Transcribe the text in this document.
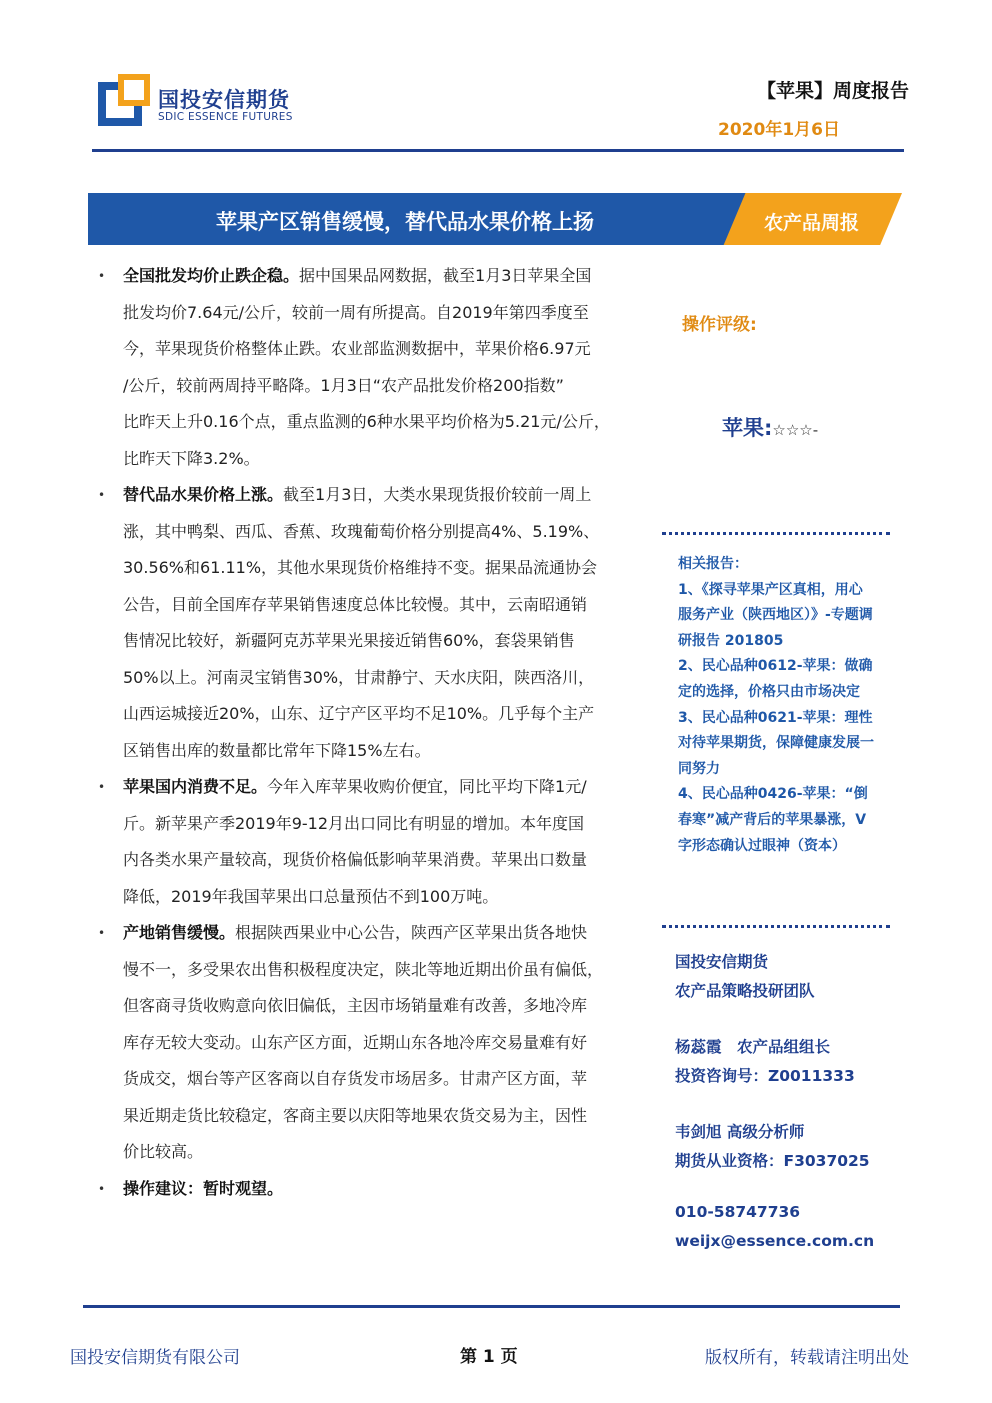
国投安信期货
SDIC ESSENCE FUTURES
【苹果】周度报告
2020年1月6日
苹果产区销售缓慢，替代品水果价格上扬	农产品周报
• 全国批发均价止跌企稳。据中国果品网数据，截至1月3日苹果全国
批发均价7.64元/公斤，较前一周有所提高。自2019年第四季度至
今，苹果现货价格整体止跌。农业部监测数据中，苹果价格6.97元
/公斤，较前两周持平略降。1月3日“农产品批发价格200指数”
比昨天上升0.16个点，重点监测的6种水果平均价格为5.21元/公斤，
比昨天下降3.2%。
• 替代品水果价格上涨。截至1月3日，大类水果现货报价较前一周上
涨，其中鸭梨、西瓜、香蕉、玫瑰葡萄价格分别提高4%、5.19%、
30.56%和61.11%，其他水果现货价格维持不变。据果品流通协会
公告，目前全国库存苹果销售速度总体比较慢。其中，云南昭通销
售情况比较好，新疆阿克苏苹果光果接近销售60%，套袋果销售
50%以上。河南灵宝销售30%，甘肃静宁、天水庆阳，陕西洛川，
山西运城接近20%，山东、辽宁产区平均不足10%。几乎每个主产
区销售出库的数量都比常年下降15%左右。
• 苹果国内消费不足。今年入库苹果收购价便宜，同比平均下降1元/
斤。新苹果产季2019年9-12月出口同比有明显的增加。本年度国
内各类水果产量较高，现货价格偏低影响苹果消费。苹果出口数量
降低，2019年我国苹果出口总量预估不到100万吨。
• 产地销售缓慢。根据陕西果业中心公告，陕西产区苹果出货各地快
慢不一，多受果农出售积极程度决定，陕北等地近期出价虽有偏低，
但客商寻货收购意向依旧偏低，主因市场销量难有改善，多地冷库
库存无较大变动。山东产区方面，近期山东各地冷库交易量难有好
货成交，烟台等产区客商以自存货发市场居多。甘肃产区方面，苹
果近期走货比较稳定，客商主要以庆阳等地果农货交易为主，因性
价比较高。
• 操作建议：暂时观望。
操作评级:
苹果:☆☆☆-
相关报告：
1、《探寻苹果产区真相，用心
服务产业（陕西地区）》-专题调
研报告 201805
2、民心品种0612-苹果：做确
定的选择，价格只由市场决定
3、民心品种0621-苹果：理性
对待苹果期货，保障健康发展一
同努力
4、民心品种0426-苹果：“倒
春寒”减产背后的苹果暴涨，V
字形态确认过眼神（资本）
国投安信期货
农产品策略投研团队
杨蕊霞　农产品组组长
投资咨询号：Z0011333
韦剑旭 高级分析师
期货从业资格：F3037025
010-58747736
weijx@essence.com.cn
国投安信期货有限公司	第 1 页	版权所有，转载请注明出处
